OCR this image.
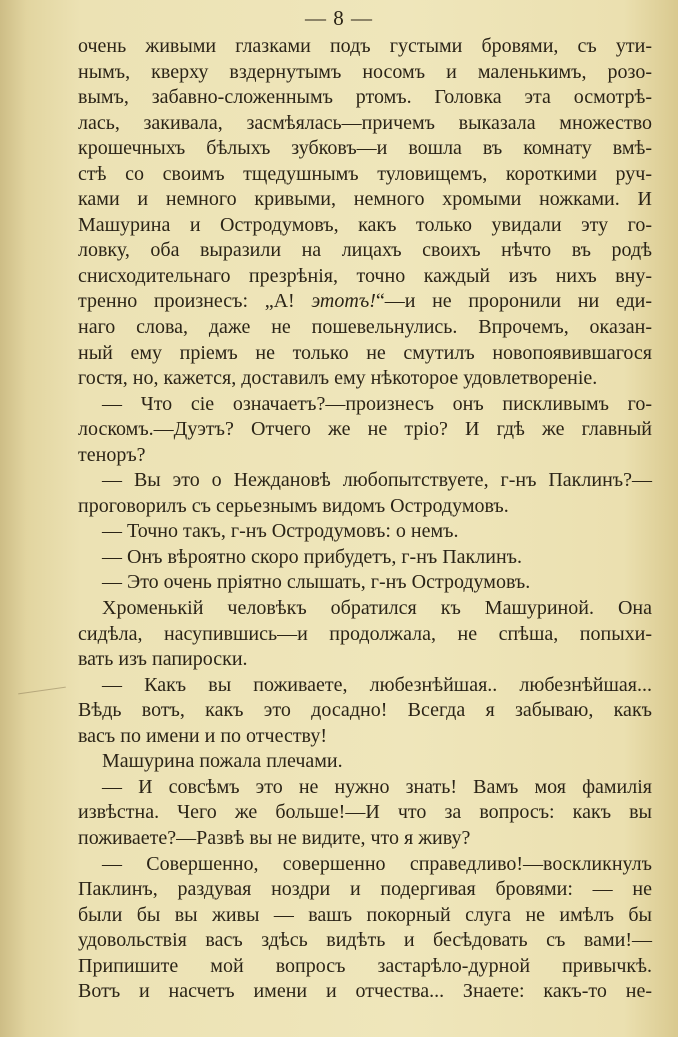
— 8 —
очень живыми глазками подъ густыми бровями, съ ути-
нымъ, кверху вздернутымъ носомъ и маленькимъ, розо-
вымъ, забавно-сложеннымъ ртомъ. Головка эта осмотрѣ-
лась, закивала, засмѣялась—причемъ выказала множество
крошечныхъ бѣлыхъ зубковъ—и вошла въ комнату вмѣ-
стѣ со своимъ тщедушнымъ туловищемъ, короткими руч-
ками и немного кривыми, немного хромыми ножками. И
Машурина и Остродумовъ, какъ только увидали эту го-
ловку, оба выразили на лицахъ своихъ нѣчто въ родѣ
снисходительнаго презрѣнія, точно каждый изъ нихъ вну-
тренно произнесъ: „А! этотъ!“—и не проронили ни еди-
наго слова, даже не пошевельнулись. Впрочемъ, оказан-
ный ему пріемъ не только не смутилъ новопоявившагося
гостя, но, кажется, доставилъ ему нѣкоторое удовлетвореніе.
— Что сіе означаетъ?—произнесъ онъ пискливымъ го-
лоскомъ.—Дуэтъ? Отчего же не тріо? И гдѣ же главный
теноръ?
— Вы это о Неждановѣ любопытствуете, г-нъ Паклинъ?—
проговорилъ съ серьезнымъ видомъ Остродумовъ.
— Точно такъ, г-нъ Остродумовъ: о немъ.
— Онъ вѣроятно скоро прибудетъ, г-нъ Паклинъ.
— Это очень пріятно слышать, г-нъ Остродумовъ.
Хроменькій человѣкъ обратился къ Машуриной. Она
сидѣла, насупившись—и продолжала, не спѣша, попыхи-
вать изъ папироски.
— Какъ вы поживаете, любезнѣйшая.. любезнѣйшая...
Вѣдь вотъ, какъ это досадно! Всегда я забываю, какъ
васъ по имени и по отчеству!
Машурина пожала плечами.
— И совсѣмъ это не нужно знать! Вамъ моя фамилія
извѣстна. Чего же больше!—И что за вопросъ: какъ вы
поживаете?—Развѣ вы не видите, что я живу?
— Совершенно, совершенно справедливо!—воскликнулъ
Паклинъ, раздувая ноздри и подергивая бровями: — не
были бы вы живы — вашъ покорный слуга не имѣлъ бы
удовольствія васъ здѣсь видѣть и бесѣдовать съ вами!—
Припишите мой вопросъ застарѣло-дурной привычкѣ.
Вотъ и насчетъ имени и отчества... Знаете: какъ-то не-
